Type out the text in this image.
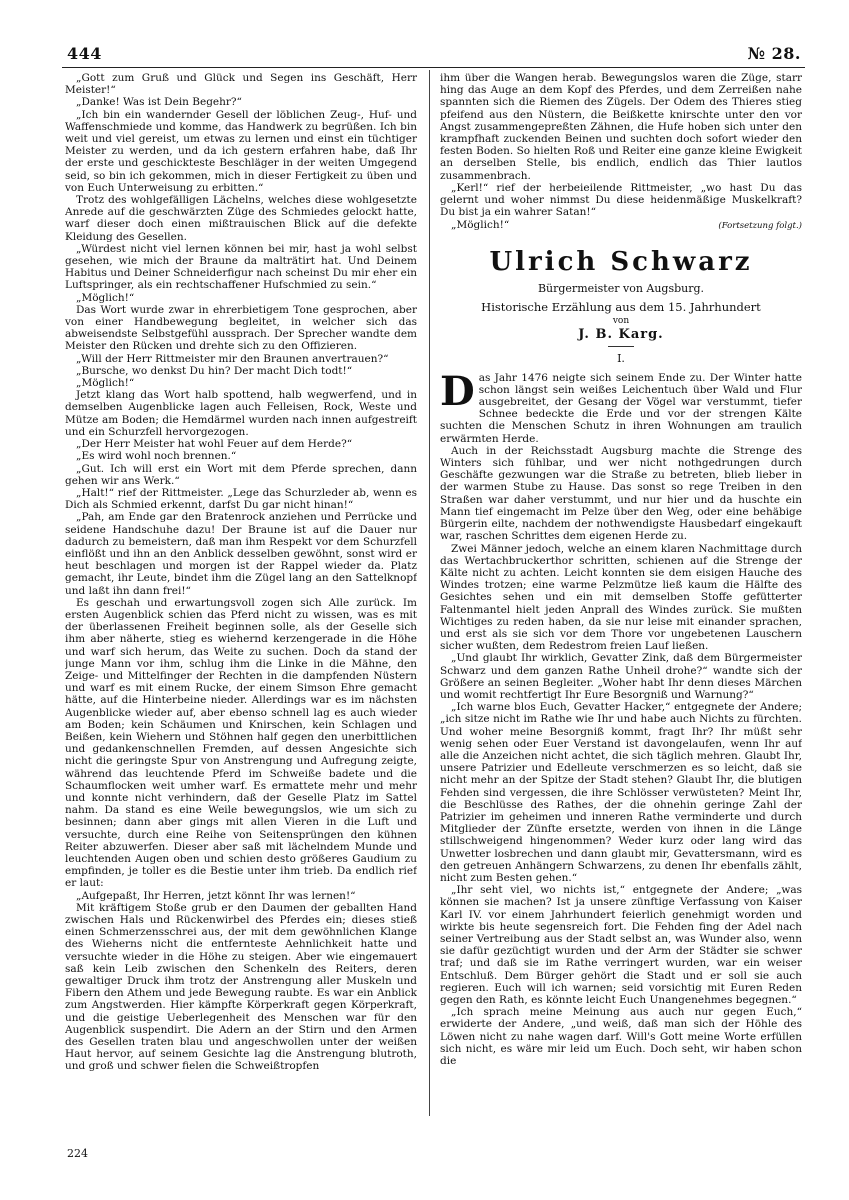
444	№ 28.

„Gott zum Gruß und Glück und Segen ins Geschäft, Herr Meister!“

„Danke! Was ist Dein Begehr?“

„Ich bin ein wandernder Gesell der löblichen Zeug-, Huf- und Waffenschmiede und komme, das Handwerk zu begrüßen. Ich bin weit und viel gereist, um etwas zu lernen und einst ein tüchtiger Meister zu werden, und da ich gestern erfahren habe, daß Ihr der erste und geschickteste Beschläger in der weiten Umgegend seid, so bin ich gekommen, mich in dieser Fertigkeit zu üben und von Euch Unterweisung zu erbitten.“

Trotz des wohlgefälligen Lächelns, welches diese wohlgesetzte Anrede auf die geschwärzten Züge des Schmiedes gelockt hatte, warf dieser doch einen mißtrauischen Blick auf die defekte Kleidung des Gesellen.

„Würdest nicht viel lernen können bei mir, hast ja wohl selbst gesehen, wie mich der Braune da malträtirt hat. Und Deinem Habitus und Deiner Schneiderfigur nach scheinst Du mir eher ein Luftspringer, als ein rechtschaffener Hufschmied zu sein.“

„Möglich!“

Das Wort wurde zwar in ehrerbietigem Tone gesprochen, aber von einer Handbewegung begleitet, in welcher sich das abweisendste Selbstgefühl aussprach. Der Sprecher wandte dem Meister den Rücken und drehte sich zu den Offizieren.

„Will der Herr Rittmeister mir den Braunen anvertrauen?“

„Bursche, wo denkst Du hin? Der macht Dich todt!“

„Möglich!“

Jetzt klang das Wort halb spottend, halb wegwerfend, und in demselben Augenblicke lagen auch Felleisen, Rock, Weste und Mütze am Boden; die Hemdärmel wurden nach innen aufgestreift und ein Schurzfell hervorgezogen.

„Der Herr Meister hat wohl Feuer auf dem Herde?“

„Es wird wohl noch brennen.“

„Gut. Ich will erst ein Wort mit dem Pferde sprechen, dann gehen wir ans Werk.“

„Halt!“ rief der Rittmeister. „Lege das Schurzleder ab, wenn es Dich als Schmied erkennt, darfst Du gar nicht hinan!“

„Pah, am Ende gar den Bratenrock anziehen und Perrücke und seidene Handschuhe dazu! Der Braune ist auf die Dauer nur dadurch zu bemeistern, daß man ihm Respekt vor dem Schurzfell einflößt und ihn an den Anblick desselben gewöhnt, sonst wird er heut beschlagen und morgen ist der Rappel wieder da. Platz gemacht, ihr Leute, bindet ihm die Zügel lang an den Sattelknopf und laßt ihn dann frei!“

Es geschah und erwartungsvoll zogen sich Alle zurück. Im ersten Augenblick schien das Pferd nicht zu wissen, was es mit der überlassenen Freiheit beginnen solle, als der Geselle sich ihm aber näherte, stieg es wiehernd kerzengerade in die Höhe und warf sich herum, das Weite zu suchen. Doch da stand der junge Mann vor ihm, schlug ihm die Linke in die Mähne, den Zeige- und Mittelfinger der Rechten in die dampfenden Nüstern und warf es mit einem Rucke, der einem Simson Ehre gemacht hätte, auf die Hinterbeine nieder. Allerdings war es im nächsten Augenblicke wieder auf, aber ebenso schnell lag es auch wieder am Boden; kein Schäumen und Knirschen, kein Schlagen und Beißen, kein Wiehern und Stöhnen half gegen den unerbittlichen und gedankenschnellen Fremden, auf dessen Angesichte sich nicht die geringste Spur von Anstrengung und Aufregung zeigte, während das leuchtende Pferd im Schweiße badete und die Schaumflocken weit umher warf. Es ermattete mehr und mehr und konnte nicht verhindern, daß der Geselle Platz im Sattel nahm. Da stand es eine Weile bewegungslos, wie um sich zu besinnen; dann aber gings mit allen Vieren in die Luft und versuchte, durch eine Reihe von Seitensprüngen den kühnen Reiter abzuwerfen. Dieser aber saß mit lächelndem Munde und leuchtenden Augen oben und schien desto größeres Gaudium zu empfinden, je toller es die Bestie unter ihm trieb. Da endlich rief er laut:

„Aufgepaßt, Ihr Herren, jetzt könnt Ihr was lernen!“

Mit kräftigem Stoße grub er den Daumen der geballten Hand zwischen Hals und Rückenwirbel des Pferdes ein; dieses stieß einen Schmerzensschrei aus, der mit dem gewöhnlichen Klange des Wieherns nicht die entfernteste Aehnlichkeit hatte und versuchte wieder in die Höhe zu steigen. Aber wie eingemauert saß kein Leib zwischen den Schenkeln des Reiters, deren gewaltiger Druck ihm trotz der Anstrengung aller Muskeln und Fibern den Athem und jede Bewegung raubte. Es war ein Anblick zum Angstwerden. Hier kämpfte Körperkraft gegen Körperkraft, und die geistige Ueberlegenheit des Menschen war für den Augenblick suspendirt. Die Adern an der Stirn und den Armen des Gesellen traten blau und angeschwollen unter der weißen Haut hervor, auf seinem Gesichte lag die Anstrengung blutroth, und groß und schwer fielen die Schweißtropfen

ihm über die Wangen herab. Bewegungslos waren die Züge, starr hing das Auge an dem Kopf des Pferdes, und dem Zerreißen nahe spannten sich die Riemen des Zügels. Der Odem des Thieres stieg pfeifend aus den Nüstern, die Beißkette knirschte unter den vor Angst zusammengepreßten Zähnen, die Hufe hoben sich unter den krampfhaft zuckenden Beinen und suchten doch sofort wieder den festen Boden. So hielten Roß und Reiter eine ganze kleine Ewigkeit an derselben Stelle, bis endlich, endlich das Thier lautlos zusammenbrach.

„Kerl!“ rief der herbeieilende Rittmeister, „wo hast Du das gelernt und woher nimmst Du diese heidenmäßige Muskelkraft? Du bist ja ein wahrer Satan!“

„Möglich!“	(Fortsetzung folgt.)
Ulrich Schwarz
Bürgermeister von Augsburg.
Historische Erzählung aus dem 15. Jahrhundert
von
J. B. Karg.
I.

Das Jahr 1476 neigte sich seinem Ende zu. Der Winter hatte schon längst sein weißes Leichentuch über Wald und Flur ausgebreitet, der Gesang der Vögel war verstummt, tiefer Schnee bedeckte die Erde und vor der strengen Kälte suchten die Menschen Schutz in ihren Wohnungen am traulich erwärmten Herde.

Auch in der Reichsstadt Augsburg machte die Strenge des Winters sich fühlbar, und wer nicht nothgedrungen durch Geschäfte gezwungen war die Straße zu betreten, blieb lieber in der warmen Stube zu Hause. Das sonst so rege Treiben in den Straßen war daher verstummt, und nur hier und da huschte ein Mann tief eingemacht im Pelze über den Weg, oder eine behäbige Bürgerin eilte, nachdem der nothwendigste Hausbedarf eingekauft war, raschen Schrittes dem eigenen Herde zu.

Zwei Männer jedoch, welche an einem klaren Nachmittage durch das Wertachbruckerthor schritten, schienen auf die Strenge der Kälte nicht zu achten. Leicht konnten sie dem eisigen Hauche des Windes trotzen; eine warme Pelzmütze ließ kaum die Hälfte des Gesichtes sehen und ein mit demselben Stoffe gefütterter Faltenmantel hielt jeden Anprall des Windes zurück. Sie mußten Wichtiges zu reden haben, da sie nur leise mit einander sprachen, und erst als sie sich vor dem Thore vor ungebetenen Lauschern sicher wußten, dem Redestrom freien Lauf ließen.

„Und glaubt Ihr wirklich, Gevatter Zink, daß dem Bürgermeister Schwarz und dem ganzen Rathe Unheil drohe?“ wandte sich der Größere an seinen Begleiter. „Woher habt Ihr denn dieses Märchen und womit rechtfertigt Ihr Eure Besorgniß und Warnung?“

„Ich warne blos Euch, Gevatter Hacker,“ entgegnete der Andere; „ich sitze nicht im Rathe wie Ihr und habe auch Nichts zu fürchten. Und woher meine Besorgniß kommt, fragt Ihr? Ihr müßt sehr wenig sehen oder Euer Verstand ist davongelaufen, wenn Ihr auf alle die Anzeichen nicht achtet, die sich täglich mehren. Glaubt Ihr, unsere Patrizier und Edelleute verschmerzen es so leicht, daß sie nicht mehr an der Spitze der Stadt stehen? Glaubt Ihr, die blutigen Fehden sind vergessen, die ihre Schlösser verwüsteten? Meint Ihr, die Beschlüsse des Rathes, der die ohnehin geringe Zahl der Patrizier im geheimen und inneren Rathe verminderte und durch Mitglieder der Zünfte ersetzte, werden von ihnen in die Länge stillschweigend hingenommen? Weder kurz oder lang wird das Unwetter losbrechen und dann glaubt mir, Gevattersmann, wird es den getreuen Anhängern Schwarzens, zu denen Ihr ebenfalls zählt, nicht zum Besten gehen.“

„Ihr seht viel, wo nichts ist,“ entgegnete der Andere; „was können sie machen? Ist ja unsere zünftige Verfassung von Kaiser Karl IV. vor einem Jahrhundert feierlich genehmigt worden und wirkte bis heute segensreich fort. Die Fehden fing der Adel nach seiner Vertreibung aus der Stadt selbst an, was Wunder also, wenn sie dafür gezüchtigt wurden und der Arm der Städter sie schwer traf; und daß sie im Rathe verringert wurden, war ein weiser Entschluß. Dem Bürger gehört die Stadt und er soll sie auch regieren. Euch will ich warnen; seid vorsichtig mit Euren Reden gegen den Rath, es könnte leicht Euch Unangenehmes begegnen.“

„Ich sprach meine Meinung aus auch nur gegen Euch,“ erwiderte der Andere, „und weiß, daß man sich der Höhle des Löwen nicht zu nahe wagen darf. Will's Gott meine Worte erfüllen sich nicht, es wäre mir leid um Euch. Doch seht, wir haben schon die

224
